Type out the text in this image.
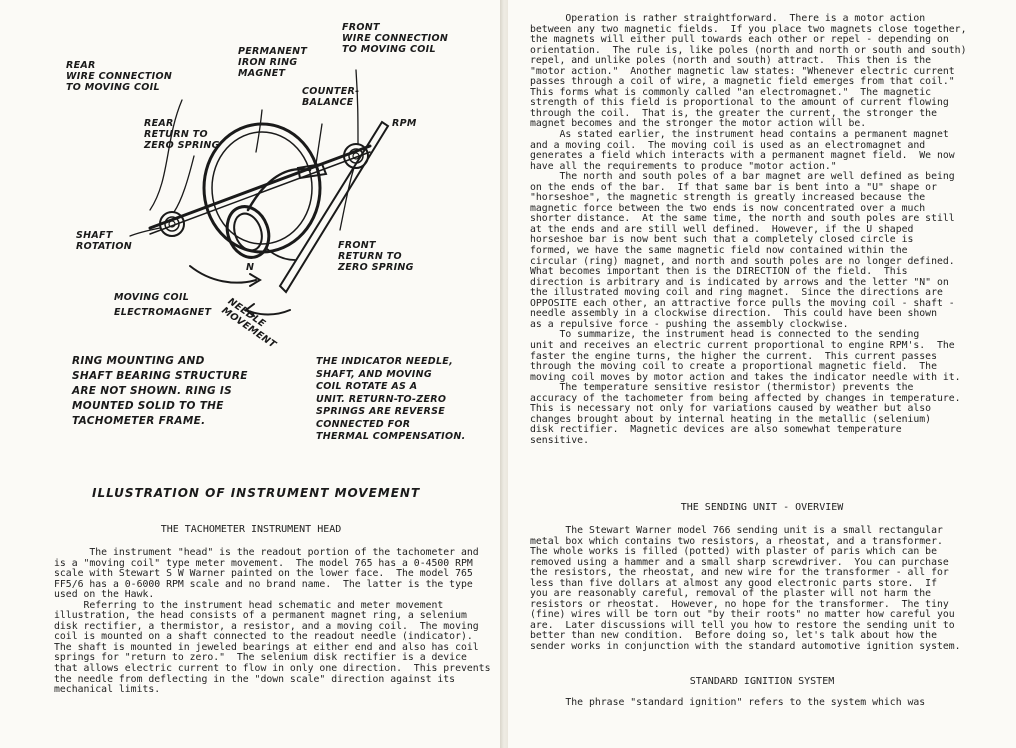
FRONT
WIRE CONNECTION
TO MOVING COIL
PERMANENT
IRON RING
MAGNET
REAR
WIRE CONNECTION
TO MOVING COIL	COUNTER-
BALANCE
REAR
RETURN TO
ZERO SPRING
RPM
SHAFT
ROTATION	FRONT
RETURN TO
ZERO SPRING
N
MOVING COIL
ELECTROMAGNET	NEEDLE
MOVEMENT
RING MOUNTING AND
SHAFT BEARING STRUCTURE
ARE NOT SHOWN. RING IS
MOUNTED SOLID TO THE
TACHOMETER FRAME.
THE INDICATOR NEEDLE,
SHAFT, AND MOVING
COIL ROTATE AS A
UNIT. RETURN-TO-ZERO
SPRINGS ARE REVERSE
CONNECTED FOR
THERMAL COMPENSATION.
ILLUSTRATION OF INSTRUMENT MOVEMENT
THE TACHOMETER INSTRUMENT HEAD
The instrument "head" is the readout portion of the tachometer and
is a "moving coil" type meter movement.  The model 765 has a 0-4500 RPM
scale with Stewart S W Warner painted on the lower face.  The model 765
FF5/6 has a 0-6000 RPM scale and no brand name.  The latter is the type
used on the Hawk.
Referring to the instrument head schematic and meter movement
illustration, the head consists of a permanent magnet ring, a selenium
disk rectifier, a thermistor, a resistor, and a moving coil.  The moving
coil is mounted on a shaft connected to the readout needle (indicator).
The shaft is mounted in jeweled bearings at either end and also has coil
springs for "return to zero."  The selenium disk rectifier is a device
that allows electric current to flow in only one direction.  This prevents
the needle from deflecting in the "down scale" direction against its
mechanical limits.
Operation is rather straightforward.  There is a motor action
between any two magnetic fields.  If you place two magnets close together,
the magnets will either pull towards each other or repel - depending on
orientation.  The rule is, like poles (north and north or south and south)
repel, and unlike poles (north and south) attract.  This then is the
"motor action."  Another magnetic law states: "Whenever electric current
passes through a coil of wire, a magnetic field emerges from that coil."
This forms what is commonly called "an electromagnet."  The magnetic
strength of this field is proportional to the amount of current flowing
through the coil.  That is, the greater the current, the stronger the
magnet becomes and the stronger the motor action will be.
As stated earlier, the instrument head contains a permanent magnet
and a moving coil.  The moving coil is used as an electromagnet and
generates a field which interacts with a permanent magnet field.  We now
have all the requirements to produce "motor action."
The north and south poles of a bar magnet are well defined as being
on the ends of the bar.  If that same bar is bent into a "U" shape or
"horseshoe", the magnetic strength is greatly increased because the
magnetic force between the two ends is now concentrated over a much
shorter distance.  At the same time, the north and south poles are still
at the ends and are still well defined.  However, if the U shaped
horseshoe bar is now bent such that a completely closed circle is
formed, we have the same magnetic field now contained within the
circular (ring) magnet, and north and south poles are no longer defined.
What becomes important then is the DIRECTION of the field.  This
direction is arbitrary and is indicated by arrows and the letter "N" on
the illustrated moving coil and ring magnet.  Since the directions are
OPPOSITE each other, an attractive force pulls the moving coil - shaft -
needle assembly in a clockwise direction.  This could have been shown
as a repulsive force - pushing the assembly clockwise.
To summarize, the instrument head is connected to the sending
unit and receives an electric current proportional to engine RPM's.  The
faster the engine turns, the higher the current.  This current passes
through the moving coil to create a proportional magnetic field.  The
moving coil moves by motor action and takes the indicator needle with it.
The temperature sensitive resistor (thermistor) prevents the
accuracy of the tachometer from being affected by changes in temperature.
This is necessary not only for variations caused by weather but also
changes brought about by internal heating in the metallic (selenium)
disk rectifier.  Magnetic devices are also somewhat temperature
sensitive.
THE SENDING UNIT - OVERVIEW
The Stewart Warner model 766 sending unit is a small rectangular
metal box which contains two resistors, a rheostat, and a transformer.
The whole works is filled (potted) with plaster of paris which can be
removed using a hammer and a small sharp screwdriver.  You can purchase
the resistors, the rheostat, and new wire for the transformer - all for
less than five dollars at almost any good electronic parts store.  If
you are reasonably careful, removal of the plaster will not harm the
resistors or rheostat.  However, no hope for the transformer.  The tiny
(fine) wires will be torn out "by their roots" no matter how careful you
are.  Later discussions will tell you how to restore the sending unit to
better than new condition.  Before doing so, let's talk about how the
sender works in conjunction with the standard automotive ignition system.
STANDARD IGNITION SYSTEM
The phrase "standard ignition" refers to the system which was
